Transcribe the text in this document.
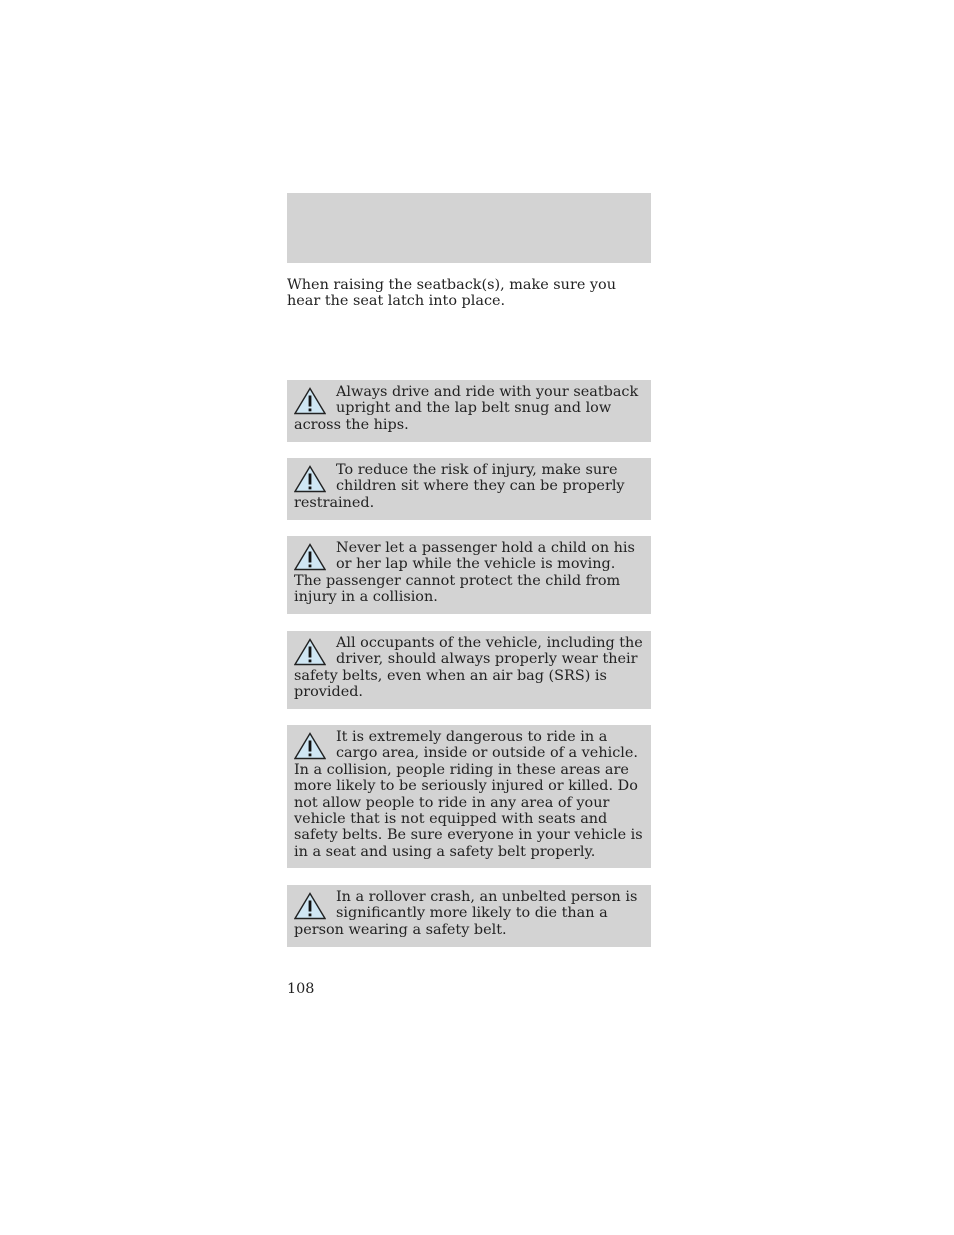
When raising the seatback(s), make sure you hear the seat latch into place.

Always drive and ride with your seatback upright and the lap belt snug and low across the hips.

To reduce the risk of injury, make sure children sit where they can be properly restrained.

Never let a passenger hold a child on his or her lap while the vehicle is moving. The passenger cannot protect the child from injury in a collision.

All occupants of the vehicle, including the driver, should always properly wear their safety belts, even when an air bag (SRS) is provided.

It is extremely dangerous to ride in a cargo area, inside or outside of a vehicle. In a collision, people riding in these areas are more likely to be seriously injured or killed. Do not allow people to ride in any area of your vehicle that is not equipped with seats and safety belts. Be sure everyone in your vehicle is in a seat and using a safety belt properly.

In a rollover crash, an unbelted person is significantly more likely to die than a person wearing a safety belt.

108
